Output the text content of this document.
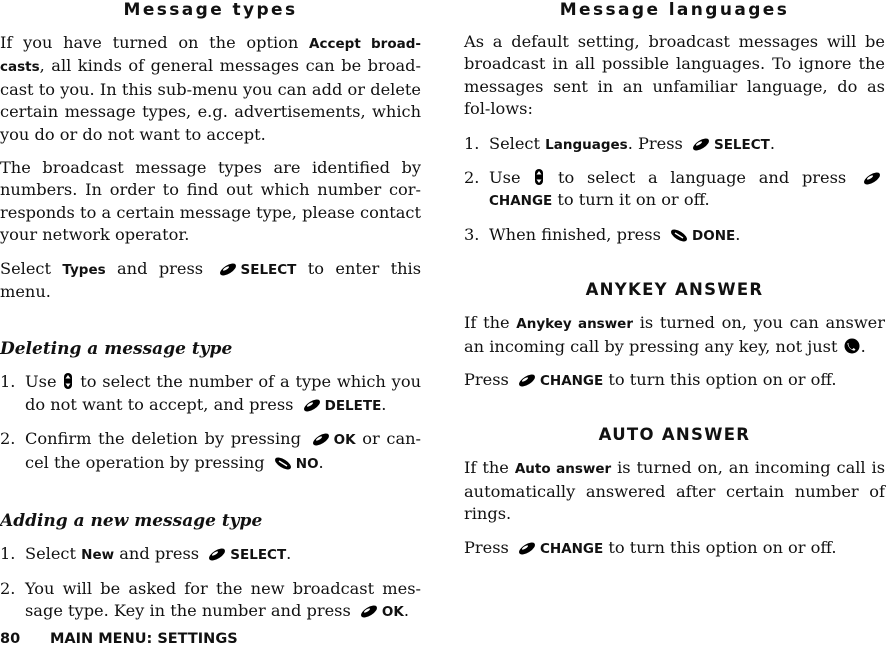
Message types

If you have turned on the option Accept broad-casts, all kinds of general messages can be broad-cast to you. In this sub-menu you can add or delete certain message types, e.g. advertisements, which you do or do not want to accept.

The broadcast message types are identified by numbers. In order to find out which number cor-responds to a certain message type, please contact your network operator.

Select Types and press SELECT to enter this menu.

Deleting a message type
1. Use  to select the number of a type which you do not want to accept, and press DELETE.
2. Confirm the deletion by pressing OK or can-cel the operation by pressing NO.
Adding a new message type
1. Select New and press SELECT.
2. You will be asked for the new broadcast mes-sage type. Key in the number and press OK.
Message languages

As a default setting, broadcast messages will be broadcast in all possible languages. To ignore the messages sent in an unfamiliar language, do as fol-lows:

1. Select Languages. Press SELECT.
2. Use  to select a language and press  CHANGE to turn it on or off.
3. When finished, press DONE.
ANYKEY ANSWER

If the Anykey answer is turned on, you can answer an incoming call by pressing any key, not just .

Press CHANGE to turn this option on or off.

AUTO ANSWER

If the Auto answer is turned on, an incoming call is automatically answered after certain number of rings.

Press CHANGE to turn this option on or off.

80 MAIN MENU: SETTINGS
